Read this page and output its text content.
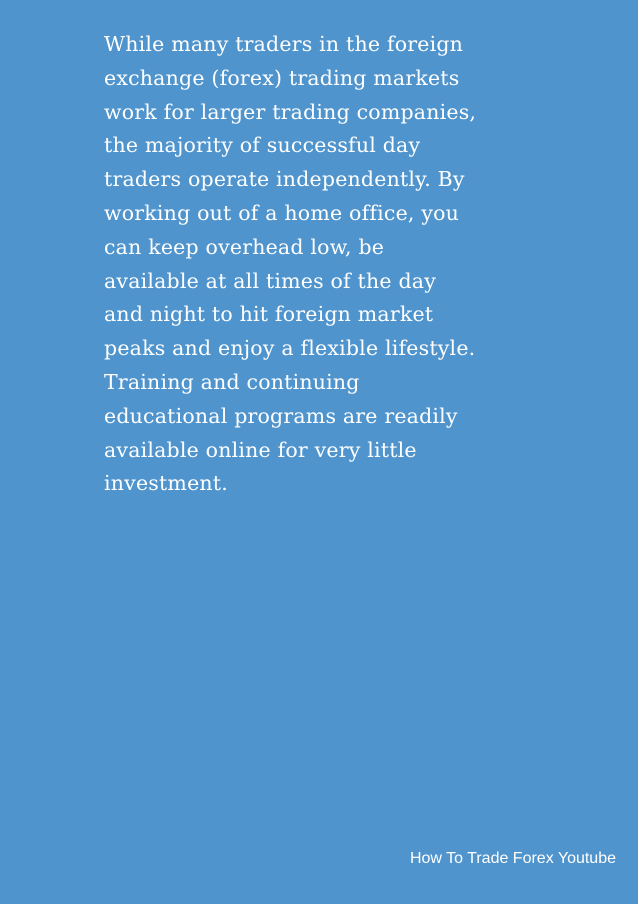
While many traders in the foreign
exchange (forex) trading markets
work for larger trading companies,
the majority of successful day
traders operate independently. By
working out of a home office, you
can keep overhead low, be
available at all times of the day
and night to hit foreign market
peaks and enjoy a flexible lifestyle.
Training and continuing
educational programs are readily
available online for very little
investment.

How To Trade Forex Youtube
